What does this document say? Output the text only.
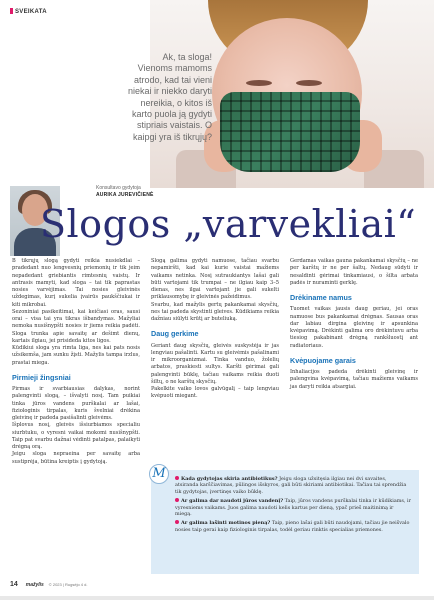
SVEIKATA
Ak, ta sloga!
Vienoms mamoms
atrodo, kad tai vieni
niekai ir niekko daryti
nereikia, o kitos iš
karto puola ją gydyti
stipriais vaistais. O
kaipgi yra iš tikrųjų?
Konsultavo gydytoja
AURIKA JUREVIČIENĖ
Slogos „varvekliai“

B tikrųjų slogą gydyti reikia nusiekdlai – pradedant nuo lengvesnių priemonių ir tik jeim nepadedant griebiantis rimtesnių vaistų. Ir antrasis mamyti, kad sloga – tai tik paprastas nosies varvėjimas. Tai nosies gleivinės uždegimas, kurį sukelia įvairūs paukščiukai ir kiti mikrobai.

Sezoniniai pasikeitimai, kai keičiasi oras, sausi orai – visa tai yra tikras išbandymas. Mažyliai nemoka nusišnypšti nosies ir jiems reikia padėti. Sloga trunka apie savaitę ar dešimt dienų, kartais ilgiau, jei prisideda kitos ligos.

Kūdikiui sloga yra rimta liga, nes kai pats nosis užsikemša, jam sunku žįsti. Mažylis tampa irzlus, prastai miega.

Pirmieji žingsniai

Pirmas ir svarbiausias dalykas, norint palengvinti slogą, – išvalyti nosį. Tam puikiai tinka jūros vandens purškalai ar lašai, fiziologinis tirpalas, kuris švelniai drėkina gleivinę ir padeda pasišalinti gleivėms.

Išplovus nosį, gleivės išsiurbiamos specialiu siurbtuku, o vyresni vaikai mokomi nusišnypšti. Taip pat svarbu dažnai vėdinti patalpas, palaikyti drėgną orą.

Jeigu sloga nepraeina per savaitę arba sustiprėja, būtina kreiptis į gydytoją.

Slogą galima gydyti namuose, tačiau svarbu nepamiršti, kad kai kurie vaistai mažiems vaikams netinka. Nosį sutraukiantys lašai gali būti vartojami tik trumpai – ne ilgiau kaip 3–5 dienas, nes ilgai vartojant jie gali sukelti priklausomybę ir gleivinės pažeidimus.

Svarbu, kad mažylis gertų pakankamai skysčių, nes tai padeda skystinti gleives. Kūdikiams reikia dažniau siūlyti krūtį ar buteliuką.

Daug gerkime

Geriant daug skysčių, gleivės suskystėja ir jas lengviau pašalinti. Kartu su gleivėmis pašalinami ir mikroorganizmai. Tinka vanduo, žolelių arbatos, praskiesti sultys. Karšti gėrimai gali palengvinti būklę, tačiau vaikams reikia duoti šiltų, o ne karštų skysčių.

Pakelkite vaiko lovos galvūgalį – taip lengviau kvėpuoti miegant.

Gerdamas vaikas gauna pakankamai skysčių – ne per karštų ir ne per šaltų. Nedaug sūdyti ir nesaldinti gėrimai tinkamiausi, o šilta arbata padės ir nuraminti gerklę.

Drėkiname namus

Tuomet vaikas jausis daug geriau, jei oras namuose bus pakankamai drėgnas. Sausas oras dar labiau dirgina gleivinę ir apsunkina kvėpavimą. Drėkinti galima oro drėkintuvu arba tiesiog pakabinant drėgną rankšluostį ant radiatoriaus.

Kvėpuojame garais

Inhaliacijos padeda drėkinti gleivinę ir palengvina kvėpavimą, tačiau mažiems vaikams jas daryti reikia atsargiai.

M	Kada gydytojas skiria antibiotikus? Jeigu sloga užsitęsia ilgiau nei dvi savaites, atsiranda karščiavimas, pūlingos išskyros, gali būti skiriami antibiotikai. Tačiau tai sprendžia tik gydytojas, įvertinęs vaiko būklę.

Ar galima dar naudoti jūros vandenį? Taip, jūros vandens purškalai tinka ir kūdikiams, ir vyresniems vaikams. Juos galima naudoti kelis kartus per dieną, ypač prieš maitinimą ir miegą.

Ar galima lašinti motinos pieną? Taip, pieno lašai gali būti naudojami, tačiau jie neišvalo nosies taip gerai kaip fiziologinis tirpalas, todėl geriau rinktis specialias priemones.

14 mažylis © 2023 | Rugsėjo 4 d.
